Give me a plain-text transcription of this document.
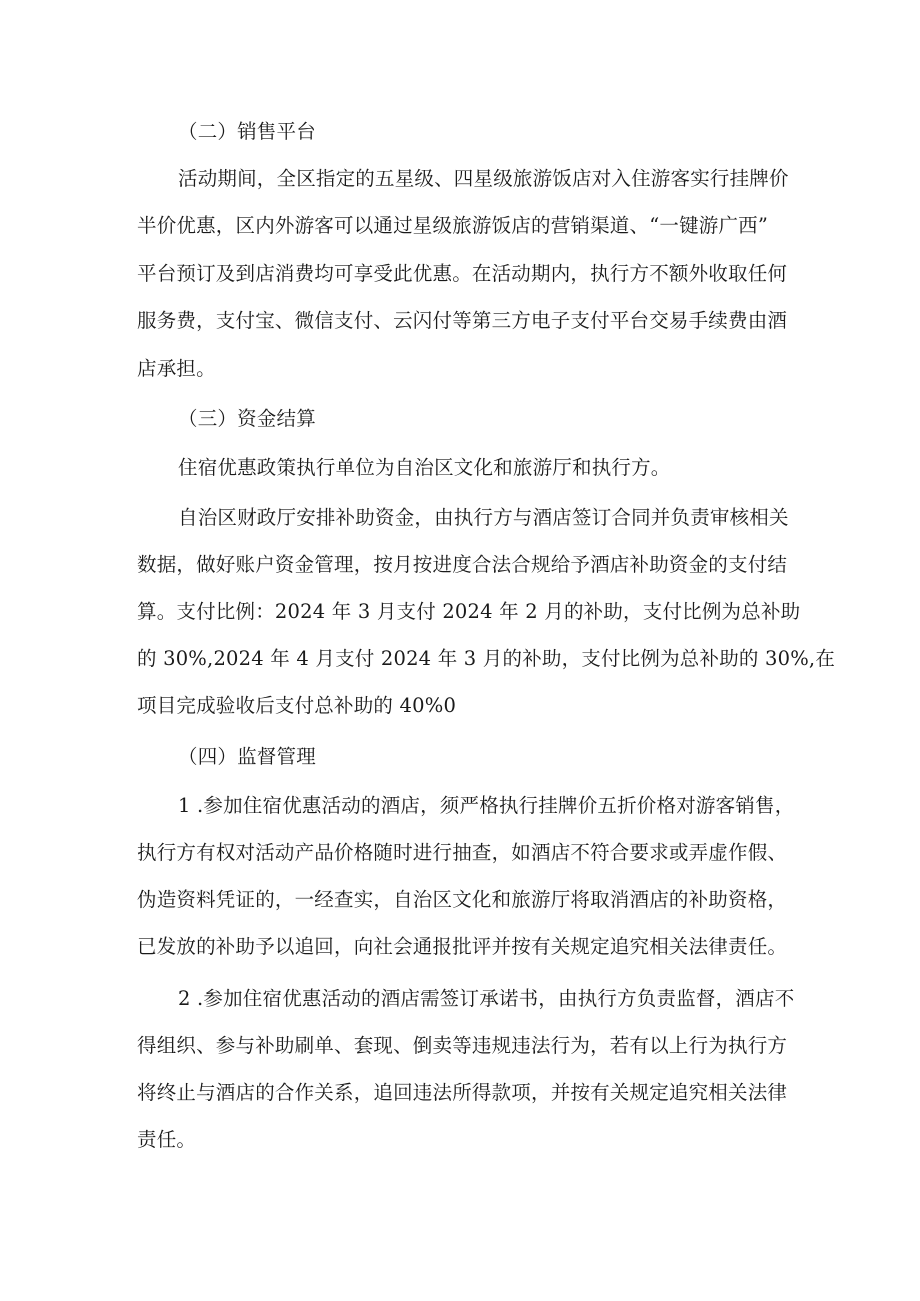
（二）销售平台
活动期间，全区指定的五星级、四星级旅游饭店对入住游客实行挂牌价
半价优惠，区内外游客可以通过星级旅游饭店的营销渠道、“一键游广西”
平台预订及到店消费均可享受此优惠。在活动期内，执行方不额外收取任何
服务费，支付宝、微信支付、云闪付等第三方电子支付平台交易手续费由酒
店承担。
（三）资金结算
住宿优惠政策执行单位为自治区文化和旅游厅和执行方。
自治区财政厅安排补助资金，由执行方与酒店签订合同并负责审核相关
数据，做好账户资金管理，按月按进度合法合规给予酒店补助资金的支付结
算。支付比例：2024 年 3 月支付 2024 年 2 月的补助，支付比例为总补助
的 30%,2024 年 4 月支付 2024 年 3 月的补助，支付比例为总补助的 30%,在
项目完成验收后支付总补助的 40%0
（四）监督管理
1 .参加住宿优惠活动的酒店，须严格执行挂牌价五折价格对游客销售，
执行方有权对活动产品价格随时进行抽查，如酒店不符合要求或弄虚作假、
伪造资料凭证的，一经查实，自治区文化和旅游厅将取消酒店的补助资格，
已发放的补助予以追回，向社会通报批评并按有关规定追究相关法律责任。
2 .参加住宿优惠活动的酒店需签订承诺书，由执行方负责监督，酒店不
得组织、参与补助刷单、套现、倒卖等违规违法行为，若有以上行为执行方
将终止与酒店的合作关系，追回违法所得款项，并按有关规定追究相关法律
责任。
